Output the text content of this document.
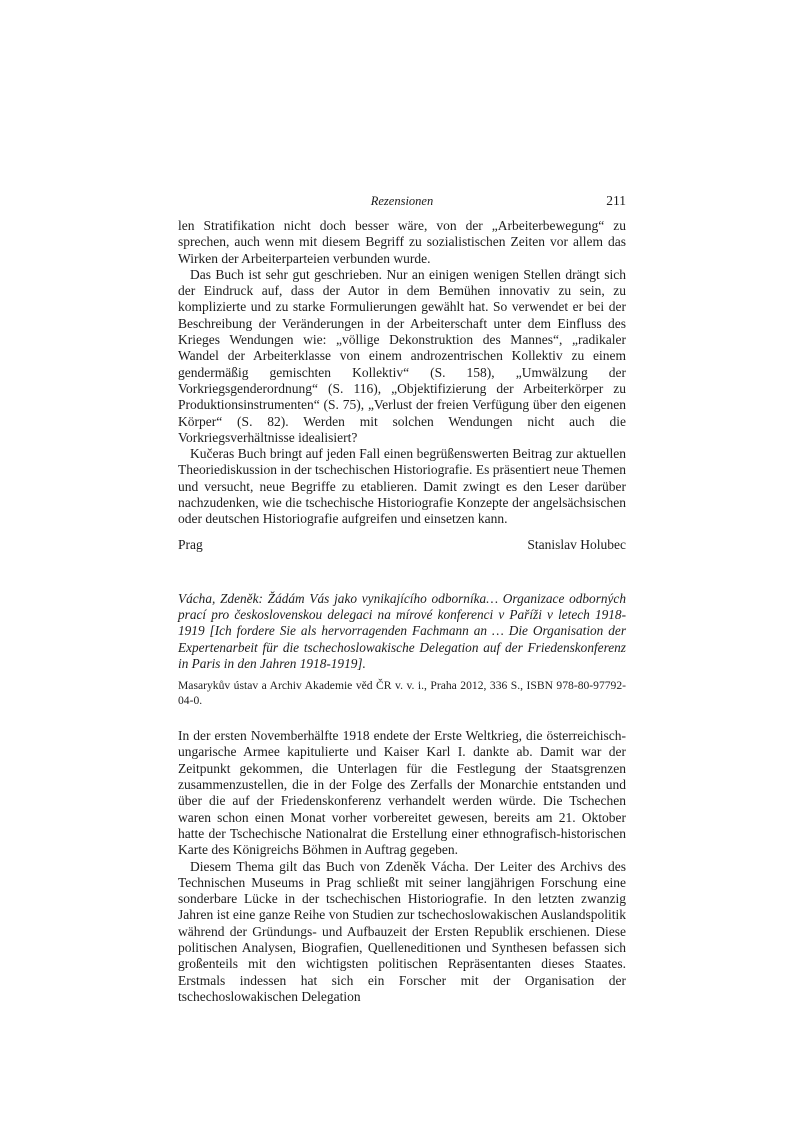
Rezensionen	211

len Stratifikation nicht doch besser wäre, von der „Arbeiterbewegung“ zu sprechen, auch wenn mit diesem Begriff zu sozialistischen Zeiten vor allem das Wirken der Arbeiterparteien verbunden wurde.

Das Buch ist sehr gut geschrieben. Nur an einigen wenigen Stellen drängt sich der Eindruck auf, dass der Autor in dem Bemühen innovativ zu sein, zu komplizierte und zu starke Formulierungen gewählt hat. So verwendet er bei der Beschreibung der Veränderungen in der Arbeiterschaft unter dem Einfluss des Krieges Wendungen wie: „völlige Dekonstruktion des Mannes“, „radikaler Wandel der Arbeiterklasse von einem androzentrischen Kollektiv zu einem gendermäßig gemischten Kollektiv“ (S. 158), „Umwälzung der Vorkriegsgenderordnung“ (S. 116), „Objektifizierung der Arbeiterkörper zu Produktionsinstrumenten“ (S. 75), „Verlust der freien Verfügung über den eigenen Körper“ (S. 82). Werden mit solchen Wendungen nicht auch die Vorkriegsverhältnisse idealisiert?

Kučeras Buch bringt auf jeden Fall einen begrüßenswerten Beitrag zur aktuellen Theoriediskussion in der tschechischen Historiografie. Es präsentiert neue Themen und versucht, neue Begriffe zu etablieren. Damit zwingt es den Leser darüber nachzudenken, wie die tschechische Historiografie Konzepte der angelsächsischen oder deutschen Historiografie aufgreifen und einsetzen kann.

Prag	Stanislav Holubec

Vácha, Zdeněk: Žádám Vás jako vynikajícího odborníka… Organizace odborných prací pro československou delegaci na mírové konferenci v Paříži v letech 1918-1919 [Ich fordere Sie als hervorragenden Fachmann an … Die Organisation der Expertenarbeit für die tschechoslowakische Delegation auf der Friedenskonferenz in Paris in den Jahren 1918-1919].

Masarykův ústav a Archiv Akademie věd ČR v. v. i., Praha 2012, 336 S., ISBN 978-80-97792-04-0.

In der ersten Novemberhälfte 1918 endete der Erste Weltkrieg, die österreichisch-ungarische Armee kapitulierte und Kaiser Karl I. dankte ab. Damit war der Zeitpunkt gekommen, die Unterlagen für die Festlegung der Staatsgrenzen zusammenzustellen, die in der Folge des Zerfalls der Monarchie entstanden und über die auf der Friedenskonferenz verhandelt werden würde. Die Tschechen waren schon einen Monat vorher vorbereitet gewesen, bereits am 21. Oktober hatte der Tschechische Nationalrat die Erstellung einer ethnografisch-historischen Karte des Königreichs Böhmen in Auftrag gegeben.

Diesem Thema gilt das Buch von Zdeněk Vácha. Der Leiter des Archivs des Technischen Museums in Prag schließt mit seiner langjährigen Forschung eine sonderbare Lücke in der tschechischen Historiografie. In den letzten zwanzig Jahren ist eine ganze Reihe von Studien zur tschechoslowakischen Auslandspolitik während der Gründungs- und Aufbauzeit der Ersten Republik erschienen. Diese politischen Analysen, Biografien, Quelleneditionen und Synthesen befassen sich großenteils mit den wichtigsten politischen Repräsentanten dieses Staates. Erstmals indessen hat sich ein Forscher mit der Organisation der tschechoslowakischen Delegation
